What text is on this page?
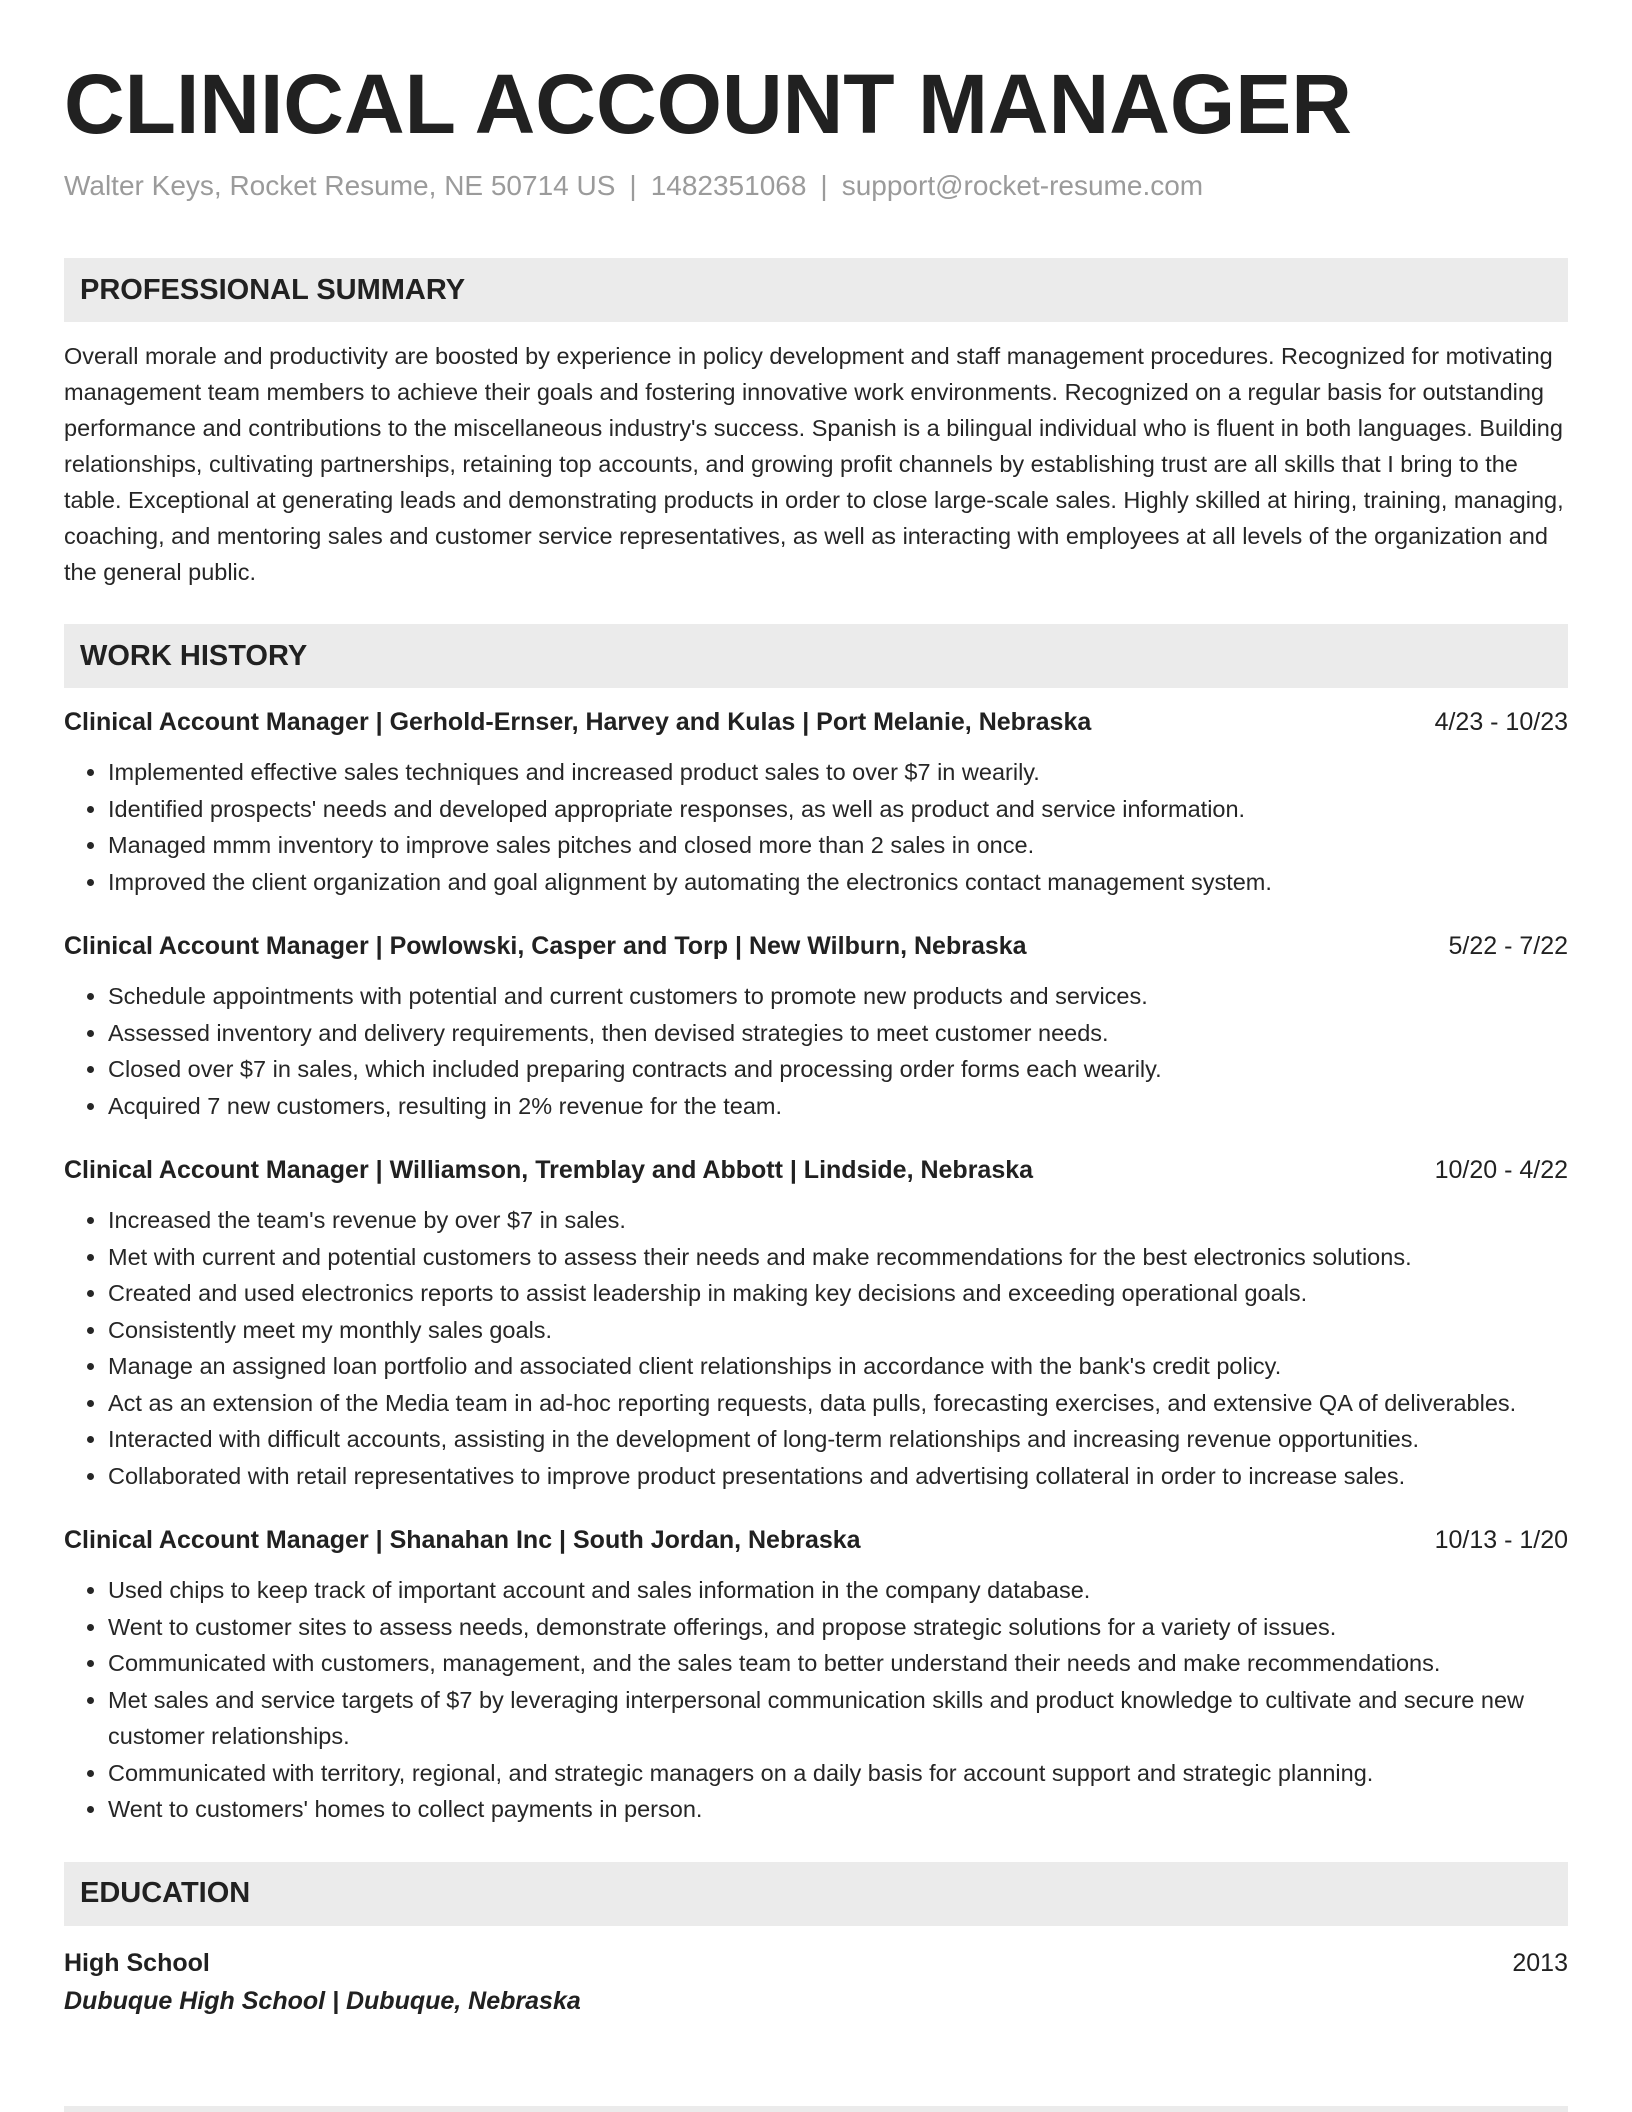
CLINICAL ACCOUNT MANAGER
Walter Keys, Rocket Resume, NE 50714 US | 1482351068 | support@rocket-resume.com
PROFESSIONAL SUMMARY
Overall morale and productivity are boosted by experience in policy development and staff management procedures. Recognized for motivating management team members to achieve their goals and fostering innovative work environments. Recognized on a regular basis for outstanding performance and contributions to the miscellaneous industry's success. Spanish is a bilingual individual who is fluent in both languages. Building relationships, cultivating partnerships, retaining top accounts, and growing profit channels by establishing trust are all skills that I bring to the table. Exceptional at generating leads and demonstrating products in order to close large-scale sales. Highly skilled at hiring, training, managing, coaching, and mentoring sales and customer service representatives, as well as interacting with employees at all levels of the organization and the general public.
WORK HISTORY
Clinical Account Manager | Gerhold-Ernser, Harvey and Kulas | Port Melanie, Nebraska	4/23 - 10/23
• Implemented effective sales techniques and increased product sales to over $7 in wearily.
• Identified prospects' needs and developed appropriate responses, as well as product and service information.
• Managed mmm inventory to improve sales pitches and closed more than 2 sales in once.
• Improved the client organization and goal alignment by automating the electronics contact management system.
Clinical Account Manager | Powlowski, Casper and Torp | New Wilburn, Nebraska	5/22 - 7/22
• Schedule appointments with potential and current customers to promote new products and services.
• Assessed inventory and delivery requirements, then devised strategies to meet customer needs.
• Closed over $7 in sales, which included preparing contracts and processing order forms each wearily.
• Acquired 7 new customers, resulting in 2% revenue for the team.
Clinical Account Manager | Williamson, Tremblay and Abbott | Lindside, Nebraska	10/20 - 4/22
• Increased the team's revenue by over $7 in sales.
• Met with current and potential customers to assess their needs and make recommendations for the best electronics solutions.
• Created and used electronics reports to assist leadership in making key decisions and exceeding operational goals.
• Consistently meet my monthly sales goals.
• Manage an assigned loan portfolio and associated client relationships in accordance with the bank's credit policy.
• Act as an extension of the Media team in ad-hoc reporting requests, data pulls, forecasting exercises, and extensive QA of deliverables.
• Interacted with difficult accounts, assisting in the development of long-term relationships and increasing revenue opportunities.
• Collaborated with retail representatives to improve product presentations and advertising collateral in order to increase sales.
Clinical Account Manager | Shanahan Inc | South Jordan, Nebraska	10/13 - 1/20
• Used chips to keep track of important account and sales information in the company database.
• Went to customer sites to assess needs, demonstrate offerings, and propose strategic solutions for a variety of issues.
• Communicated with customers, management, and the sales team to better understand their needs and make recommendations.
• Met sales and service targets of $7 by leveraging interpersonal communication skills and product knowledge to cultivate and secure new customer relationships.
• Communicated with territory, regional, and strategic managers on a daily basis for account support and strategic planning.
• Went to customers' homes to collect payments in person.
EDUCATION
High School	2013
Dubuque High School | Dubuque, Nebraska
